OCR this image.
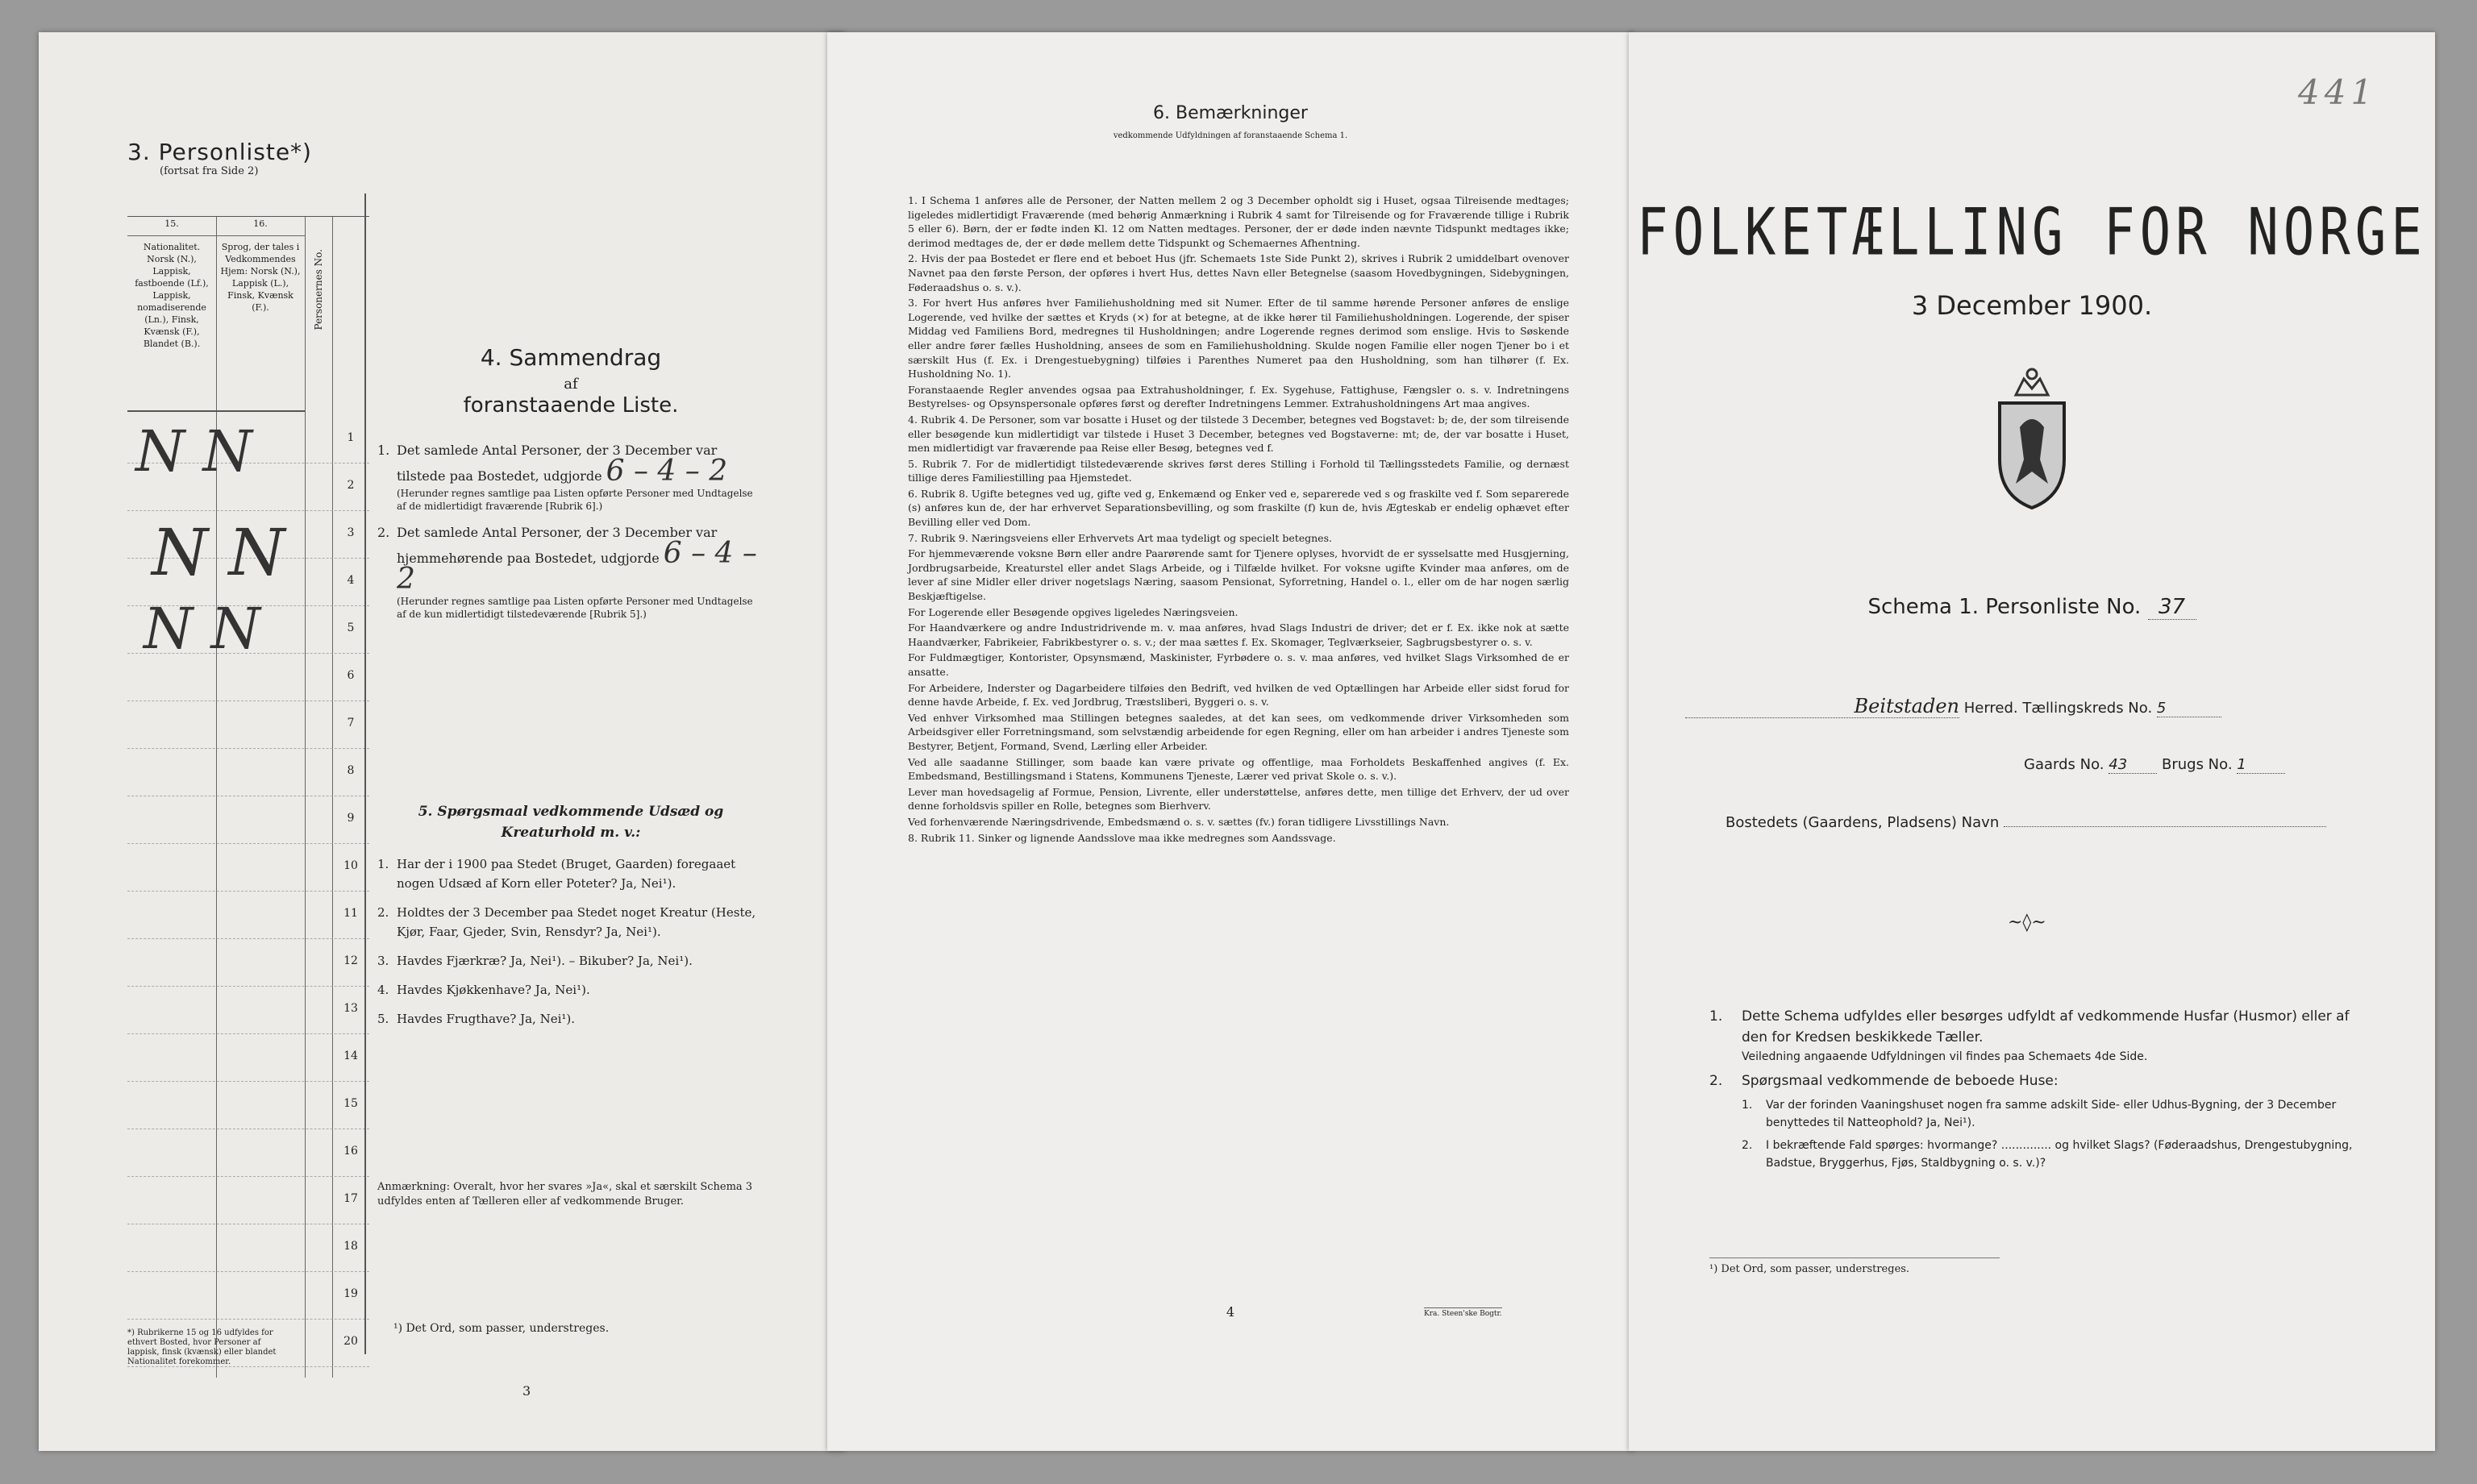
3. Personliste*)
(fortsat fra Side 2)
15.
Nationalitet. Norsk (N.), Lappisk, fastboende (Lf.), Lappisk, nomadiserende (Ln.), Finsk, Kvænsk (F.), Blandet (B.).
16.
Sprog, der tales i Vedkommendes Hjem: Norsk (N.), Lappisk (L.), Finsk, Kvænsk (F.).	Personernes No.
1
2
3
4
5
6
7
8
9
10
11
12
13
14
15
16
17
18
19
20
N N
N N
N N
*) Rubrikerne 15 og 16 udfyldes for ethvert Bosted, hvor Personer af lappisk, finsk (kvænsk) eller blandet Nationalitet forekommer.
4. Sammendrag
af
foranstaaende Liste.
1. Det samlede Antal Personer, der 3 December var tilstede paa Bostedet, udgjorde 6 – 4 – 2
(Herunder regnes samtlige paa Listen opførte Personer med Undtagelse af de midlertidigt fraværende [Rubrik 6].)
2. Det samlede Antal Personer, der 3 December var hjemmehørende paa Bostedet, udgjorde 6 – 4 – 2
(Herunder regnes samtlige paa Listen opførte Personer med Undtagelse af de kun midlertidigt tilstedeværende [Rubrik 5].)
5. Spørgsmaal vedkommende Udsæd og Kreaturhold m. v.:
1. Har der i 1900 paa Stedet (Bruget, Gaarden) foregaaet nogen Udsæd af Korn eller Poteter? Ja, Nei¹).
2. Holdtes der 3 December paa Stedet noget Kreatur (Heste, Kjør, Faar, Gjeder, Svin, Rensdyr? Ja, Nei¹).
3. Havdes Fjærkræ? Ja, Nei¹). – Bikuber? Ja, Nei¹).
4. Havdes Kjøkkenhave? Ja, Nei¹).
5. Havdes Frugthave? Ja, Nei¹).
Anmærkning: Overalt, hvor her svares »Ja«, skal et særskilt Schema 3 udfyldes enten af Tælleren eller af vedkommende Bruger.
¹) Det Ord, som passer, understreges.
3
6. Bemærkninger
vedkommende Udfyldningen af foranstaaende Schema 1.

1. I Schema 1 anføres alle de Personer, der Natten mellem 2 og 3 December opholdt sig i Huset, ogsaa Tilreisende medtages; ligeledes midlertidigt Fraværende (med behørig Anmærkning i Rubrik 4 samt for Tilreisende og for Fraværende tillige i Rubrik 5 eller 6). Børn, der er fødte inden Kl. 12 om Natten medtages. Personer, der er døde inden nævnte Tidspunkt medtages ikke; derimod medtages de, der er døde mellem dette Tidspunkt og Schemaernes Afhentning.

2. Hvis der paa Bostedet er flere end et beboet Hus (jfr. Schemaets 1ste Side Punkt 2), skrives i Rubrik 2 umiddelbart ovenover Navnet paa den første Person, der opføres i hvert Hus, dettes Navn eller Betegnelse (saasom Hovedbygningen, Sidebygningen, Føderaadshus o. s. v.).

3. For hvert Hus anføres hver Familiehusholdning med sit Numer. Efter de til samme hørende Personer anføres de enslige Logerende, ved hvilke der sættes et Kryds (×) for at betegne, at de ikke hører til Familiehusholdningen. Logerende, der spiser Middag ved Familiens Bord, medregnes til Husholdningen; andre Logerende regnes derimod som enslige. Hvis to Søskende eller andre fører fælles Husholdning, ansees de som en Familiehusholdning. Skulde nogen Familie eller nogen Tjener bo i et særskilt Hus (f. Ex. i Drengestuebygning) tilføies i Parenthes Numeret paa den Husholdning, som han tilhører (f. Ex. Husholdning No. 1).

Foranstaaende Regler anvendes ogsaa paa Extrahusholdninger, f. Ex. Sygehuse, Fattighuse, Fængsler o. s. v. Indretningens Bestyrelses- og Opsynspersonale opføres først og derefter Indretningens Lemmer. Extrahusholdningens Art maa angives.

4. Rubrik 4. De Personer, som var bosatte i Huset og der tilstede 3 December, betegnes ved Bogstavet: b; de, der som tilreisende eller besøgende kun midlertidigt var tilstede i Huset 3 December, betegnes ved Bogstaverne: mt; de, der var bosatte i Huset, men midlertidigt var fraværende paa Reise eller Besøg, betegnes ved f.

5. Rubrik 7. For de midlertidigt tilstedeværende skrives først deres Stilling i Forhold til Tællingsstedets Familie, og dernæst tillige deres Familiestilling paa Hjemstedet.

6. Rubrik 8. Ugifte betegnes ved ug, gifte ved g, Enkemænd og Enker ved e, separerede ved s og fraskilte ved f. Som separerede (s) anføres kun de, der har erhvervet Separationsbevilling, og som fraskilte (f) kun de, hvis Ægteskab er endelig ophævet efter Bevilling eller ved Dom.

7. Rubrik 9. Næringsveiens eller Erhvervets Art maa tydeligt og specielt betegnes.

For hjemmeværende voksne Børn eller andre Paarørende samt for Tjenere oplyses, hvorvidt de er sysselsatte med Husgjerning, Jordbrugsarbeide, Kreaturstel eller andet Slags Arbeide, og i Tilfælde hvilket. For voksne ugifte Kvinder maa anføres, om de lever af sine Midler eller driver nogetslags Næring, saasom Pensionat, Syforretning, Handel o. l., eller om de har nogen særlig Beskjæftigelse.

For Logerende eller Besøgende opgives ligeledes Næringsveien.

For Haandværkere og andre Industridrivende m. v. maa anføres, hvad Slags Industri de driver; det er f. Ex. ikke nok at sætte Haandværker, Fabrikeier, Fabrikbestyrer o. s. v.; der maa sættes f. Ex. Skomager, Teglværkseier, Sagbrugsbestyrer o. s. v.

For Fuldmægtiger, Kontorister, Opsynsmænd, Maskinister, Fyrbødere o. s. v. maa anføres, ved hvilket Slags Virksomhed de er ansatte.

For Arbeidere, Inderster og Dagarbeidere tilføies den Bedrift, ved hvilken de ved Optællingen har Arbeide eller sidst forud for denne havde Arbeide, f. Ex. ved Jordbrug, Træstsliberi, Byggeri o. s. v.

Ved enhver Virksomhed maa Stillingen betegnes saaledes, at det kan sees, om vedkommende driver Virksomheden som Arbeidsgiver eller Forretningsmand, som selvstændig arbeidende for egen Regning, eller om han arbeider i andres Tjeneste som Bestyrer, Betjent, Formand, Svend, Lærling eller Arbeider.

Ved alle saadanne Stillinger, som baade kan være private og offentlige, maa Forholdets Beskaffenhed angives (f. Ex. Embedsmand, Bestillingsmand i Statens, Kommunens Tjeneste, Lærer ved privat Skole o. s. v.).

Lever man hovedsagelig af Formue, Pension, Livrente, eller understøttelse, anføres dette, men tillige det Erhverv, der ud over denne forholdsvis spiller en Rolle, betegnes som Bierhverv.

Ved forhenværende Næringsdrivende, Embedsmænd o. s. v. sættes (fv.) foran tidligere Livsstillings Navn.

8. Rubrik 11. Sinker og lignende Aandsslove maa ikke medregnes som Aandssvage.

4	Kra. Steen'ske Bogtr.
441
FOLKETÆLLING FOR NORGE
3 December 1900.
Schema 1. Personliste No. 37
Beitstaden Herred. Tællingskreds No. 5
Gaards No. 43 Brugs No. 1
Bostedets (Gaardens, Pladsens) Navn
~◊~
1. Dette Schema udfyldes eller besørges udfyldt af vedkommende Husfar (Husmor) eller af den for Kredsen beskikkede Tæller.
Veiledning angaaende Udfyldningen vil findes paa Schemaets 4de Side.
2. Spørgsmaal vedkommende de beboede Huse:
1. Var der forinden Vaaningshuset nogen fra samme adskilt Side- eller Udhus-Bygning, der 3 December benyttedes til Natteophold? Ja, Nei¹).
2. I bekræftende Fald spørges: hvormange? .............. og hvilket Slags? (Føderaadshus, Drengestubygning, Badstue, Bryggerhus, Fjøs, Staldbygning o. s. v.)?
¹) Det Ord, som passer, understreges.
